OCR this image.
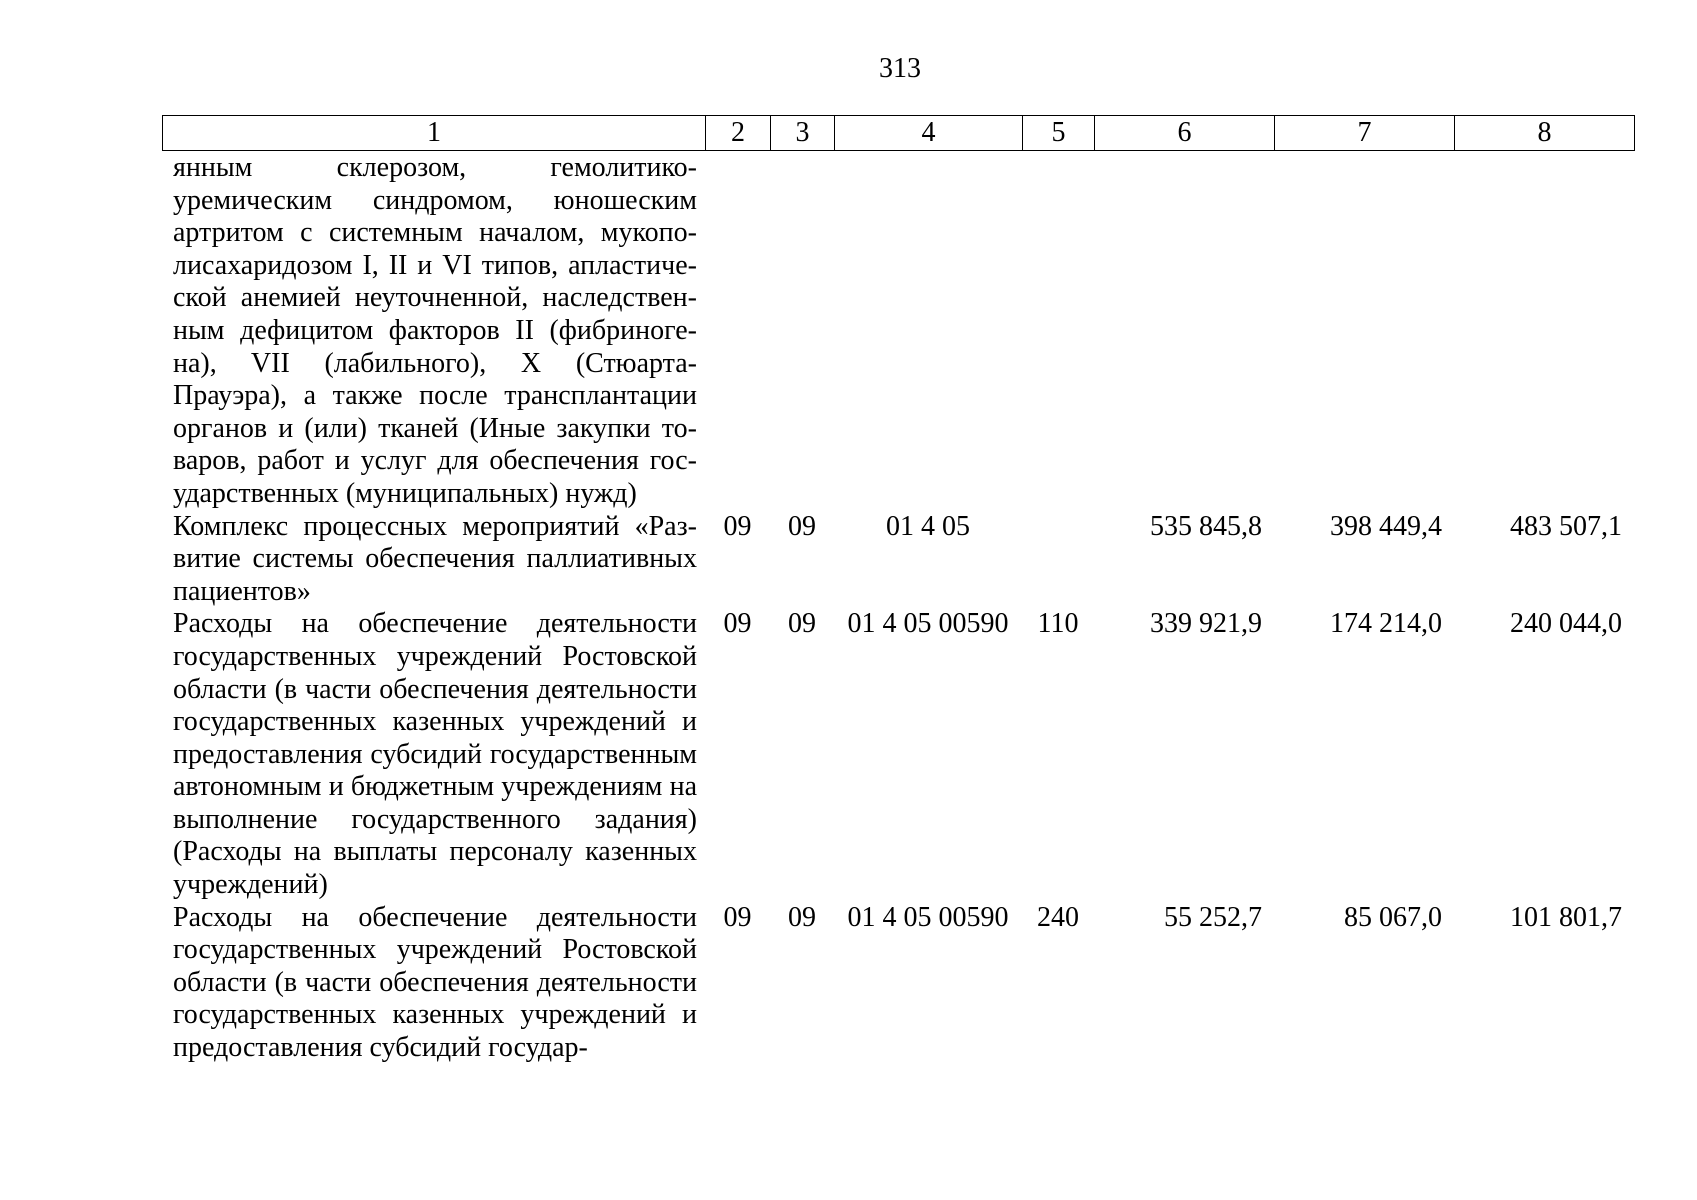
313
1	2	3	4	5	6	7	8
янным склерозом, гемолитико-уремическим синдромом, юношеским артритом с системным началом, мукополисахаридозом I, II и VI типов, апластической анемией неуточненной, наследственным дефицитом факторов II (фибриногена), VII (лабильного), X (Стюарта-Прауэра), а также после трансплантации органов и (или) тканей (Иные закупки товаров, работ и услуг для обеспечения государственных (муниципальных) нужд)							
Комплекс процессных мероприятий «Развитие системы обеспечения паллиативных пациентов»	09	09	01 4 05		535 845,8	398 449,4	483 507,1
Расходы на обеспечение деятельности государственных учреждений Ростовской области (в части обеспечения деятельности государственных казенных учреждений и предоставления субсидий государственным автономным и бюджетным учреждениям на выполнение государственного задания) (Расходы на выплаты персоналу казенных учреждений)	09	09	01 4 05 00590	110	339 921,9	174 214,0	240 044,0
Расходы на обеспечение деятельности государственных учреждений Ростовской области (в части обеспечения деятельности государственных казенных учреждений и предоставления субсидий государ-	09	09	01 4 05 00590	240	55 252,7	85 067,0	101 801,7
